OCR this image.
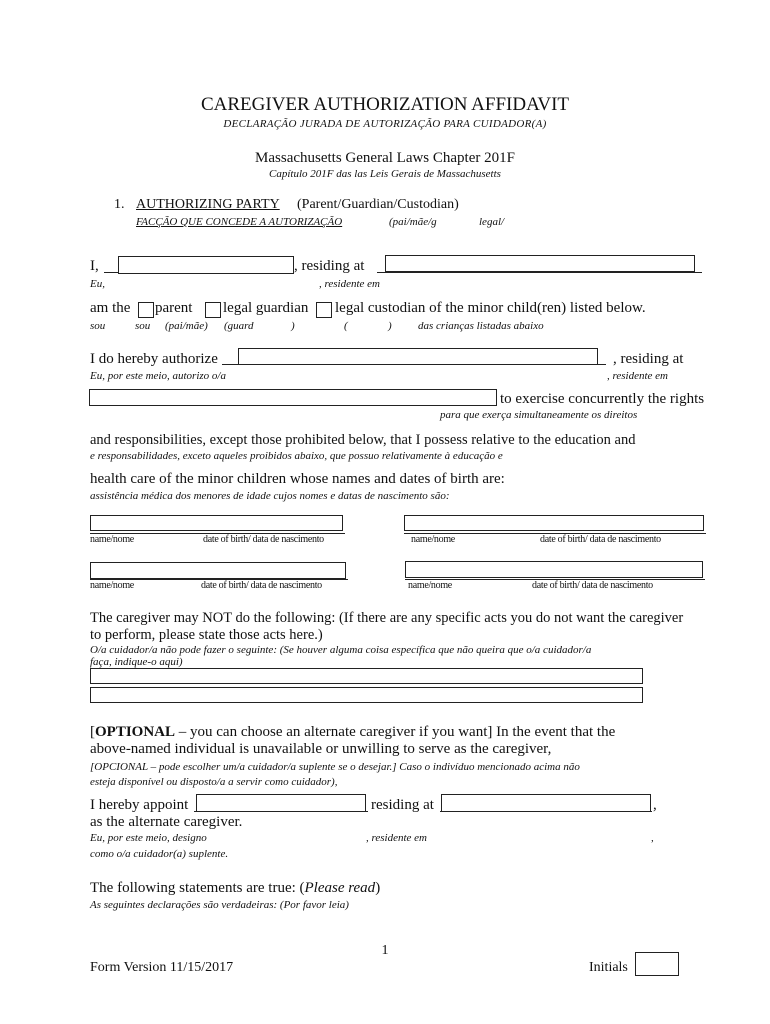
CAREGIVER AUTHORIZATION AFFIDAVIT
DECLARAÇÃO JURADA DE AUTORIZAÇÃO PARA CUIDADOR(A)
Massachusetts General Laws Chapter 201F
Capítulo 201F das las Leis Gerais de Massachusetts
1. AUTHORIZING PARTY (Parent/Guardian/Custodian)
FACÇÃO QUE CONCEDE A AUTORIZAÇÃO	(pai/mãe/g	legal/
I,	, residing at
Eu,	, residente em
am the parent legal guardian legal custodian of the minor child(ren) listed below.
sou	sou (pai/mãe) (guard	)	(	) das crianças listadas abaixo
I do hereby authorize	, residing at
Eu, por este meio, autorizo o/a	, residente em
to exercise concurrently the rights
para que exerça simultaneamente os direitos
and responsibilities, except those prohibited below, that I possess relative to the education and
e responsabilidades, exceto aqueles proibidos abaixo, que possuo relativamente à educação e
health care of the minor children whose names and dates of birth are:
assistência médica dos menores de idade cujos nomes e datas de nascimento são:
name/nome	date of birth/ data de nascimento	name/nome	date of birth/ data de nascimento
name/nome	date of birth/ data de nascimento	name/nome	date of birth/ data de nascimento
The caregiver may NOT do the following: (If there are any specific acts you do not want the caregiver
to perform, please state those acts here.)
O/a cuidador/a não pode fazer o seguinte: (Se houver alguma coisa específica que não queira que o/a cuidador/a
faça, indique-o aqui)
[OPTIONAL – you can choose an alternate caregiver if you want] In the event that the
above-named individual is unavailable or unwilling to serve as the caregiver,
[OPCIONAL – pode escolher um/a cuidador/a suplente se o desejar.] Caso o indivíduo mencionado acima não
esteja disponível ou disposto/a a servir como cuidador),
I hereby appoint	residing at	,
as the alternate caregiver.
Eu, por este meio, designo	, residente em	,
como o/a cuidador(a) suplente.
The following statements are true: (Please read)
As seguintes declarações são verdadeiras: (Por favor leia)
1
Form Version 11/15/2017	Initials
